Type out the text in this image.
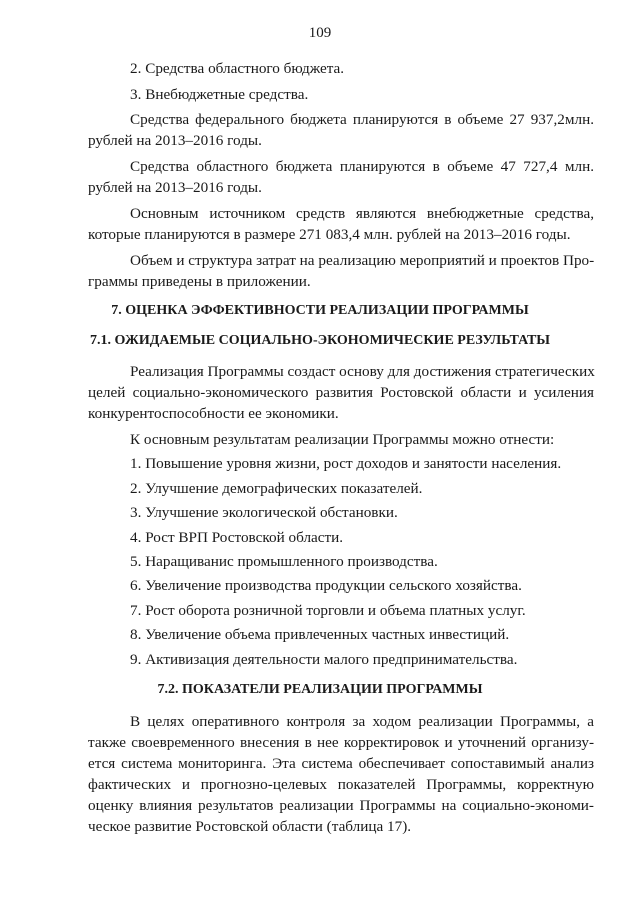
109
2. Средства областного бюджета.
3. Внебюджетные средства.
Средства федерального бюджета планируются в объеме 27 937,2млн.
рублей на 2013–2016 годы.
Средства областного бюджета планируются в объеме 47 727,4 млн.
рублей на 2013–2016 годы.
Основным источником средств являются внебюджетные средства,
которые планируются в размере 271 083,4 млн. рублей на 2013–2016 годы.
Объем и структура затрат на реализацию мероприятий и проектов Про-
граммы приведены в приложении.
7. ОЦЕНКА ЭФФЕКТИВНОСТИ РЕАЛИЗАЦИИ ПРОГРАММЫ
7.1. ОЖИДАЕМЫЕ СОЦИАЛЬНО-ЭКОНОМИЧЕСКИЕ РЕЗУЛЬТАТЫ
Реализация Программы создаст основу для достижения стратегических
целей социально-экономического развития Ростовской области и усиления
конкурентоспособности ее экономики.
К основным результатам реализации Программы можно отнести:
1. Повышение уровня жизни, рост доходов и занятости населения.
2. Улучшение демографических показателей.
3. Улучшение экологической обстановки.
4. Рост ВРП Ростовской области.
5. Наращиванис промышленного производства.
6. Увеличение производства продукции сельского хозяйства.
7. Рост оборота розничной торговли и объема платных услуг.
8. Увеличение объема привлеченных частных инвестиций.
9. Активизация деятельности малого предпринимательства.
7.2. ПОКАЗАТЕЛИ РЕАЛИЗАЦИИ ПРОГРАММЫ
В целях оперативного контроля за ходом реализации Программы, а
также своевременного внесения в нее корректировок и уточнений организу-
ется система мониторинга. Эта система обеспечивает сопоставимый анализ
фактических и прогнозно-целевых показателей Программы, корректную
оценку влияния результатов реализации Программы на социально-экономи-
ческое развитие Ростовской области (таблица 17).
